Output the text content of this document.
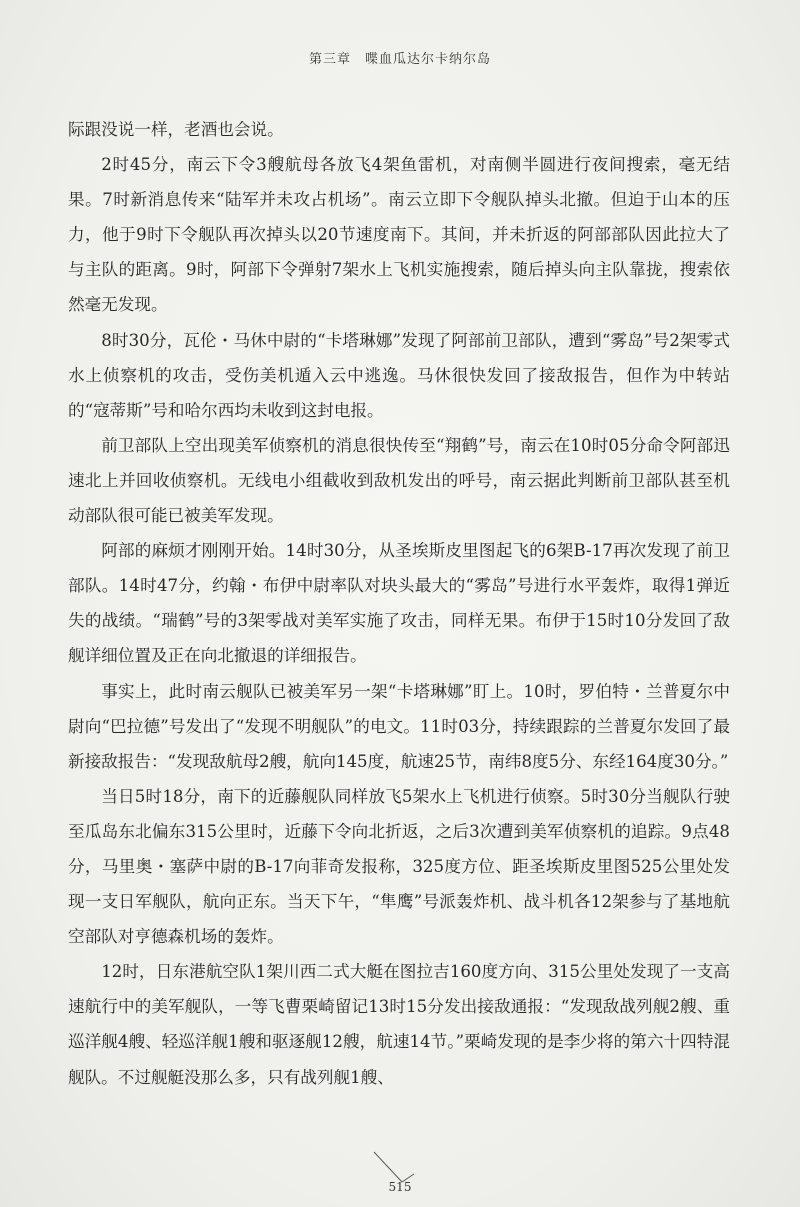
第三章 喋血瓜达尔卡纳尔岛

际跟没说一样，老酒也会说。

2时45分，南云下令3艘航母各放飞4架鱼雷机，对南侧半圆进行夜间搜索，毫无结果。7时新消息传来“陆军并未攻占机场”。南云立即下令舰队掉头北撤。但迫于山本的压力，他于9时下令舰队再次掉头以20节速度南下。其间，并未折返的阿部部队因此拉大了与主队的距离。9时，阿部下令弹射7架水上飞机实施搜索，随后掉头向主队靠拢，搜索依然毫无发现。

8时30分，瓦伦・马休中尉的“卡塔琳娜”发现了阿部前卫部队，遭到“雾岛”号2架零式水上侦察机的攻击，受伤美机遁入云中逃逸。马休很快发回了接敌报告，但作为中转站的“寇蒂斯”号和哈尔西均未收到这封电报。

前卫部队上空出现美军侦察机的消息很快传至“翔鹤”号，南云在10时05分命令阿部迅速北上并回收侦察机。无线电小组截收到敌机发出的呼号，南云据此判断前卫部队甚至机动部队很可能已被美军发现。

阿部的麻烦才刚刚开始。14时30分，从圣埃斯皮里图起飞的6架B-17再次发现了前卫部队。14时47分，约翰・布伊中尉率队对块头最大的“雾岛”号进行水平轰炸，取得1弹近失的战绩。“瑞鹤”号的3架零战对美军实施了攻击，同样无果。布伊于15时10分发回了敌舰详细位置及正在向北撤退的详细报告。

事实上，此时南云舰队已被美军另一架“卡塔琳娜”盯上。10时，罗伯特・兰普夏尔中尉向“巴拉德”号发出了“发现不明舰队”的电文。11时03分，持续跟踪的兰普夏尔发回了最新接敌报告：“发现敌航母2艘，航向145度，航速25节，南纬8度5分、东经164度30分。”

当日5时18分，南下的近藤舰队同样放飞5架水上飞机进行侦察。5时30分当舰队行驶至瓜岛东北偏东315公里时，近藤下令向北折返，之后3次遭到美军侦察机的追踪。9点48分，马里奥・塞萨中尉的B-17向菲奇发报称，325度方位、距圣埃斯皮里图525公里处发现一支日军舰队，航向正东。当天下午，“隼鹰”号派轰炸机、战斗机各12架参与了基地航空部队对亨德森机场的轰炸。

12时，日东港航空队1架川西二式大艇在图拉吉160度方向、315公里处发现了一支高速航行中的美军舰队，一等飞曹栗崎留记13时15分发出接敌通报：“发现敌战列舰2艘、重巡洋舰4艘、轻巡洋舰1艘和驱逐舰12艘，航速14节。”栗崎发现的是李少将的第六十四特混舰队。不过舰艇没那么多，只有战列舰1艘、

515
